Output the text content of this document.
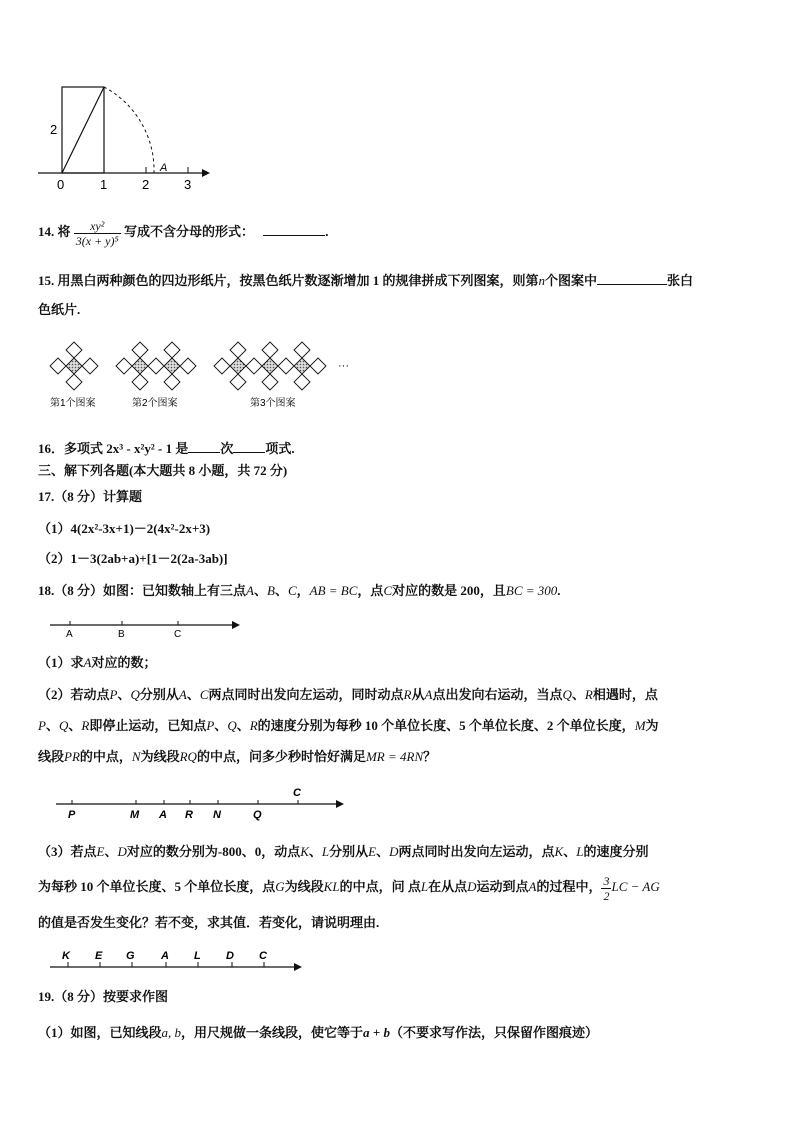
2
0	1	2	3
A
14. 将 $\frac{\text{xy²}}{\text{3(x + y)⁵}}$ 写成不含分母的形式：	.
15. 用黑白两种颜色的四边形纸片，按黑色纸片数逐渐增加 1 的规律拼成下列图案，则第n个图案中	张白
色纸片.
···
第1个图案	第2个图案	第3个图案
16．多项式 2x³ - x²y² - 1 是 次 项式.
三、解下列各题(本大题共 8 小题，共 72 分)
17.（8 分）计算题
（1）4(2x²-3x+1)－2(4x²-2x+3)
（2）1－3(2ab+a)+[1－2(2a-3ab)]
18.（8 分）如图：已知数轴上有三点A、B、C，AB = BC，点C对应的数是 200，且BC = 300.
A	B	C
（1）求A对应的数；
（2）若动点P、Q分别从A、C两点同时出发向左运动，同时动点R从A点出发向右运动，当点Q、R相遇时，点
P、Q、R即停止运动，已知点P、Q、R的速度分别为每秒 10 个单位长度、5 个单位长度、2 个单位长度，M为
线段PR的中点，N为线段RQ的中点，问多少秒时恰好满足MR = 4RN？
P	M A R N	Q
C
（3）若点E、D对应的数分别为-800、0，动点K、L分别从E、D两点同时出发向左运动，点K、L的速度分别
为每秒 10 个单位长度、5 个单位长度，点G为线段KL的中点，问 点L在从点D运动到点A的过程中， $\frac{3}{2}$ LC − AG
的值是否发生变化？若不变，求其值．若变化，请说明理由.
K E G A L D C
19.（8 分）按要求作图
（1）如图，已知线段a, b，用尺规做一条线段，使它等于a + b（不要求写作法，只保留作图痕迹）
